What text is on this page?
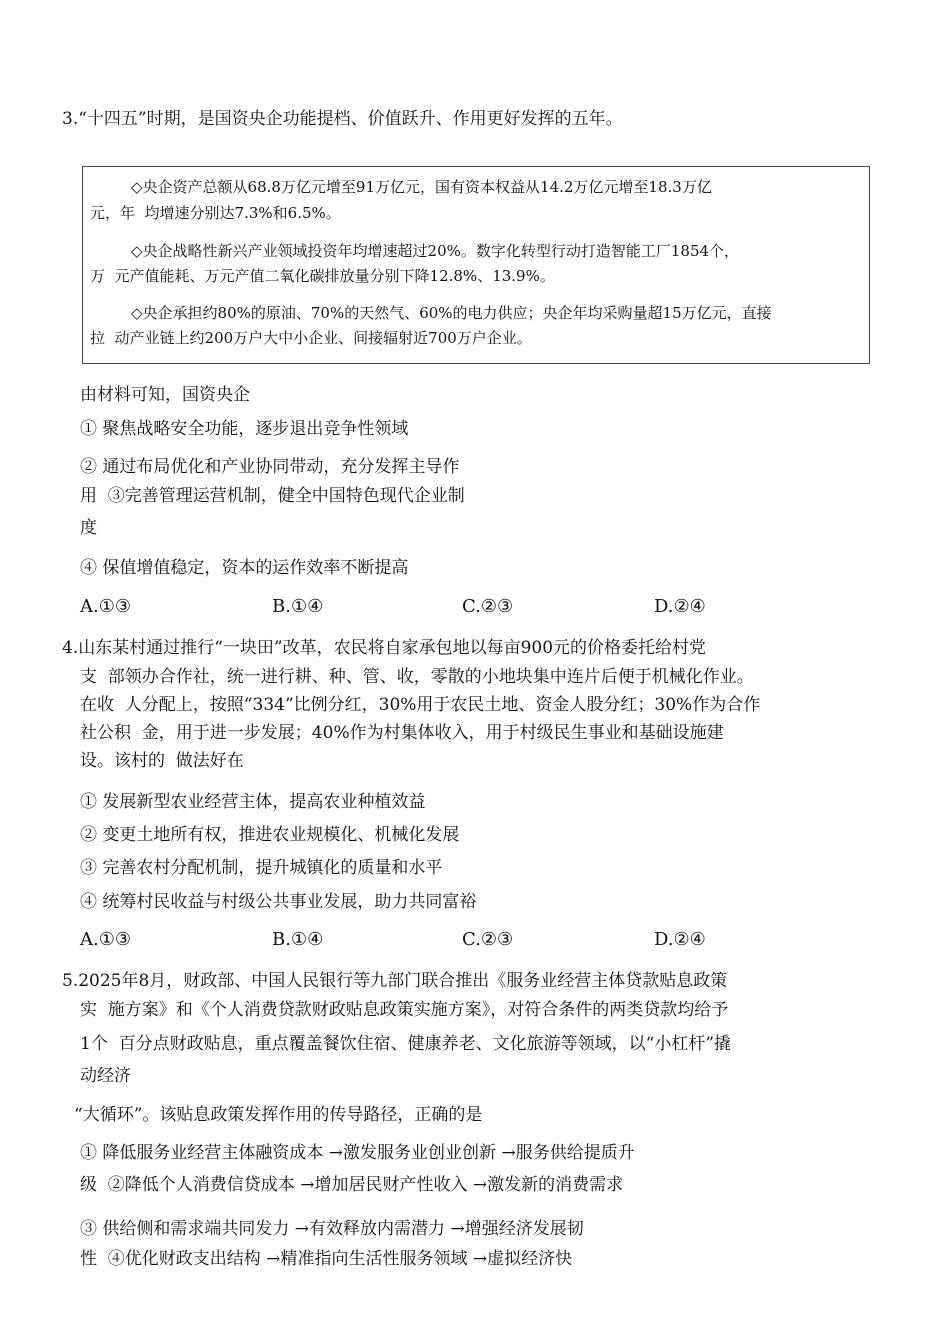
3.“十四五”时期，是国资央企功能提档、价值跃升、作用更好发挥的五年。
◇央企资产总额从68.8万亿元增至91万亿元，国有资本权益从14.2万亿元增至18.3万亿
元，年  均增速分别达7.3%和6.5%。
◇央企战略性新兴产业领域投资年均增速超过20%。数字化转型行动打造智能工厂1854个，
万  元产值能耗、万元产值二氧化碳排放量分别下降12.8%、13.9%。
◇央企承担约80%的原油、70%的天然气、60%的电力供应；央企年均采购量超15万亿元，直接
拉  动产业链上约200万户大中小企业、间接辐射近700万户企业。
由材料可知，国资央企
① 聚焦战略安全功能，逐步退出竞争性领域
② 通过布局优化和产业协同带动，充分发挥主导作
用  ③完善管理运营机制，健全中国特色现代企业制
度
④ 保值增值稳定，资本的运作效率不断提高
A.①③	B.①④	C.②③	D.②④
4.山东某村通过推行“一块田”改革，农民将自家承包地以每亩900元的价格委托给村党
支  部领办合作社，统一进行耕、种、管、收，零散的小地块集中连片后便于机械化作业。
在收  人分配上，按照“334”比例分红，30%用于农民土地、资金人股分红；30%作为合作
社公积  金，用于进一步发展；40%作为村集体收入，用于村级民生事业和基础设施建
设。该村的  做法好在
① 发展新型农业经营主体，提高农业种植效益
② 变更土地所有权，推进农业规模化、机械化发展
③ 完善农村分配机制，提升城镇化的质量和水平
④ 统筹村民收益与村级公共事业发展，助力共同富裕
A.①③	B.①④	C.②③	D.②④
5.2025年8月，财政部、中国人民银行等九部门联合推出《服务业经营主体贷款贴息政策
实  施方案》和《个人消费贷款财政贴息政策实施方案》，对符合条件的两类贷款均给予
1个  百分点财政贴息，重点覆盖餐饮住宿、健康养老、文化旅游等领域，以“小杠杆”撬
动经济
“大循环”。该贴息政策发挥作用的传导路径，正确的是
① 降低服务业经营主体融资成本 →激发服务业创业创新 →服务供给提质升
级  ②降低个人消费信贷成本 →增加居民财产性收入 →激发新的消费需求
③ 供给侧和需求端共同发力 →有效释放内需潜力 →增强经济发展韧
性  ④优化财政支出结构 →精准指向生活性服务领域 →虚拟经济快
